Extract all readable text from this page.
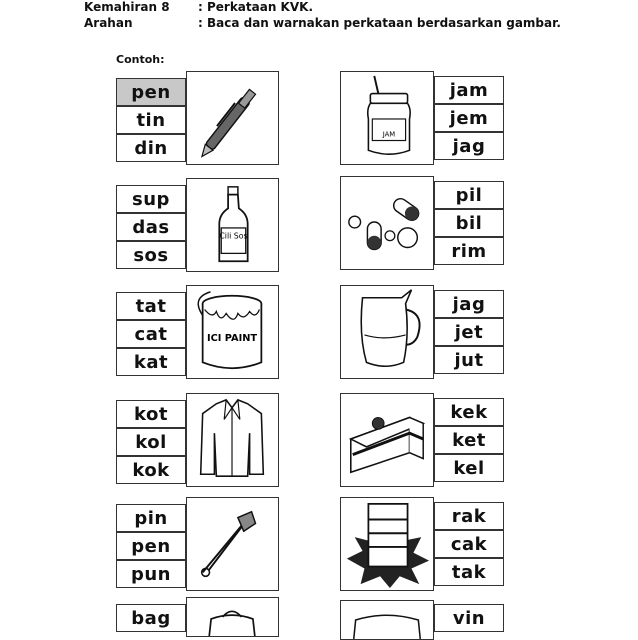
Kemahiran 8 : Perkataan KVK.
Arahan	: Baca dan warnakan perkataan berdasarkan gambar.
Contoh:
pen
tin
din
sup
das
sos
Cili Sos
tat
cat
kat
ICI PAINT
kot
kol
kok
pin
pen
pun
bag
JAM
jam
jem
jag
pil
bil
rim
jag
jet
jut
kek
ket
kel
rak
cak
tak
vin
